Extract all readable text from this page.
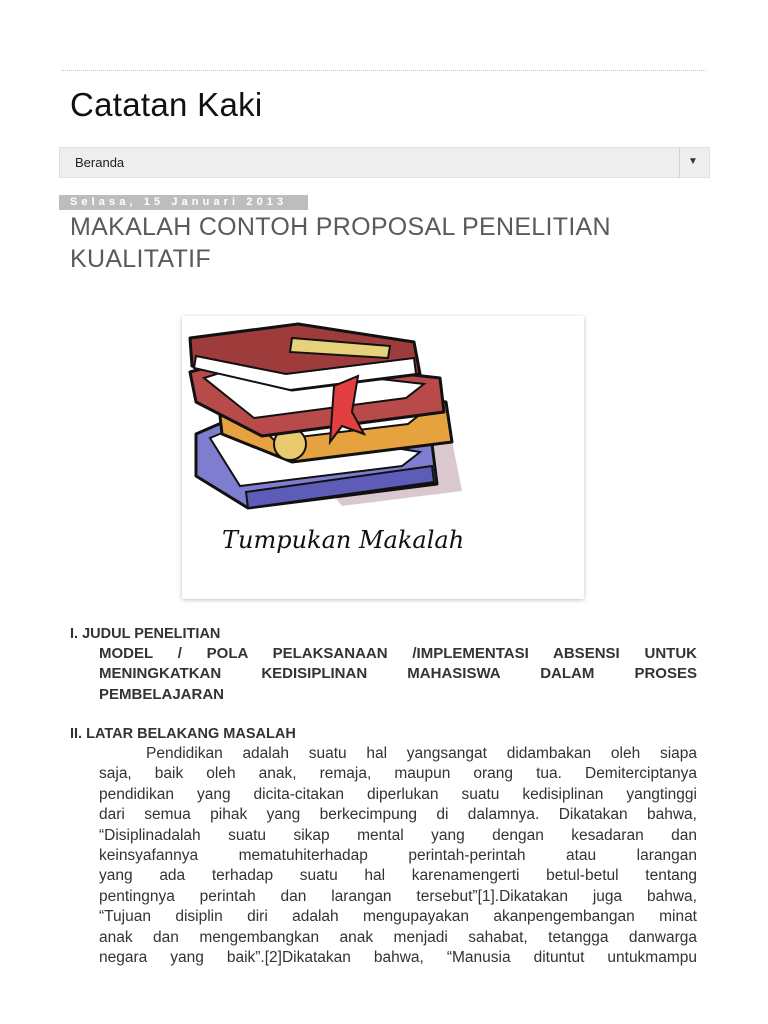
Catatan Kaki
Beranda	▼
Selasa, 15 Januari 2013
MAKALAH CONTOH PROPOSAL PENELITIAN KUALITATIF
Tumpukan Makalah
I. JUDUL PENELITIAN
MODEL / POLA PELAKSANAAN /IMPLEMENTASI ABSENSI UNTUK
MENINGKATKAN KEDISIPLINAN MAHASISWA DALAM PROSES
PEMBELAJARAN
II. LATAR BELAKANG MASALAH
Pendidikan adalah suatu hal yangsangat didambakan oleh siapa
saja, baik oleh anak, remaja, maupun orang tua. Demiterciptanya
pendidikan yang dicita-citakan diperlukan suatu kedisiplinan yangtinggi
dari semua pihak yang berkecimpung di dalamnya. Dikatakan bahwa,
“Disiplinadalah suatu sikap mental yang dengan kesadaran dan
keinsyafannya mematuhiterhadap perintah-perintah atau larangan
yang ada terhadap suatu hal karenamengerti betul-betul tentang
pentingnya perintah dan larangan tersebut”[1].Dikatakan juga bahwa,
“Tujuan disiplin diri adalah mengupayakan akanpengembangan minat
anak dan mengembangkan anak menjadi sahabat, tetangga danwarga
negara yang baik”.[2]Dikatakan bahwa, “Manusia dituntut untukmampu
